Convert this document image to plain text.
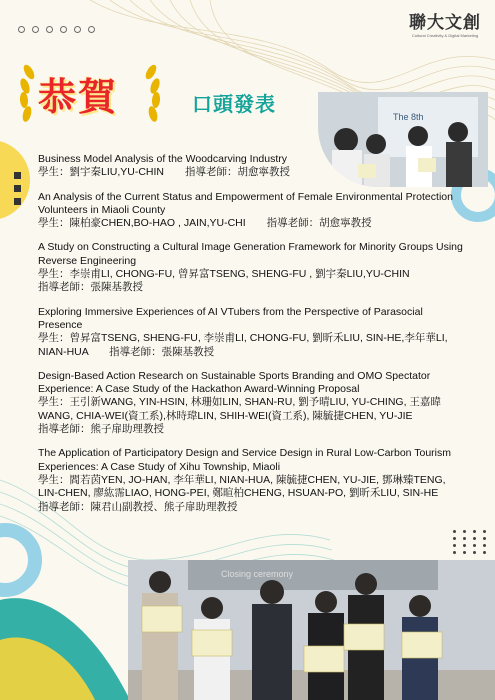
聯大文創
Cultural Creativity & Digital Marketing
恭賀	口頭發表
The 8th
Business Model Analysis of the Woodcarving Industry
學生：劉宇秦LIU,YU-CHIN　　指導老師：胡愈寧教授
An Analysis of the Current Status and Empowerment of Female Environmental Protection Volunteers in Miaoli County
學生：陳柏豪CHEN,BO-HAO , JAIN,YU-CHI　　指導老師：胡愈寧教授
A Study on Constructing a Cultural Image Generation Framework for Minority Groups Using Reverse Engineering
學生：李崇甫LI, CHONG-FU, 曾昇富TSENG, SHENG-FU , 劉宇秦LIU,YU-CHIN
指導老師：張陳基教授
Exploring Immersive Experiences of AI VTubers from the Perspective of Parasocial Presence
學生：曾昇富TSENG, SHENG-FU, 李崇甫LI, CHONG-FU, 劉昕禾LIU, SIN-HE,李年華LI, NIAN-HUA　　指導老師：張陳基教授
Design-Based Action Research on Sustainable Sports Branding and OMO Spectator Experience: A Case Study of the Hackathon Award-Winning Proposal
學生：王引新WANG, YIN-HSIN, 林珊如LIN, SHAN-RU, 劉予晴LIU, YU-CHING, 王嘉暐WANG, CHIA-WEI(資工系),林時瑋LIN, SHIH-WEI(資工系), 陳毓捷CHEN, YU-JIE
指導老師：熊子扉助理教授
The Application of Participatory Design and Service Design in Rural Low-Carbon Tourism Experiences: A Case Study of Xihu Township, Miaoli
學生：閻若茵YEN, JO-HAN, 李年華LI, NIAN-HUA, 陳毓捷CHEN, YU-JIE, 鄧琳臻TENG, LIN-CHEN, 廖紘霈LIAO, HONG-PEI, 鄭暄柏CHENG, HSUAN-PO, 劉昕禾LIU, SIN-HE
指導老師：陳君山副教授、熊子扉助理教授
Closing ceremony
